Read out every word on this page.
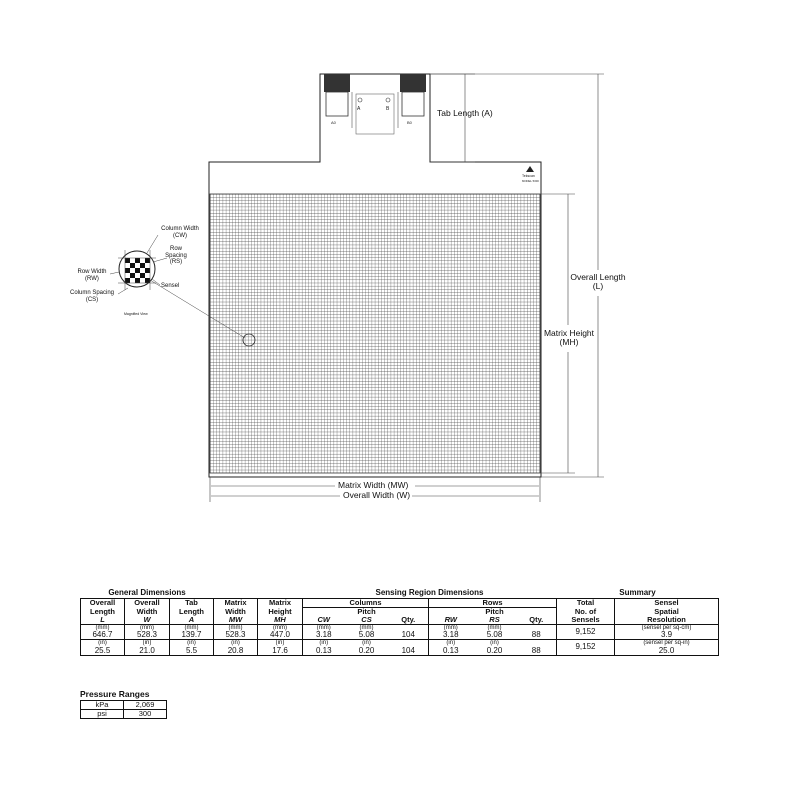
A	B
A0	B0
Tekscan
MODEL 5300
Tab Length (A)
Overall Length
(L)
Matrix Height
(MH)
Matrix Width (MW)
Overall Width (W)
Column Width
(CW)
Row
Spacing
(RS)
Row Width
(RW)
Column Spacing
(CS)
Sensel
Magnified View
General Dimensions					Sensing Region Dimensions						Summary	
Overall	Overall	Tab	Matrix	Matrix	Columns			Rows			Total	Sensel
Length	Width	Length	Width	Height		Pitch			Pitch		No. of	Spatial
L	W	A	MW	MH	CW	CS	Qty.	RW	RS	Qty.	Sensels	Resolution
(mm)	(mm)	(mm)	(mm)	(mm)	(mm)	(mm)		(mm)	(mm)		9,152	(sensel per sq-cm)
646.7	528.3	139.7	528.3	447.0	3.18	5.08	104	3.18	5.08	88		3.9
(in)	(in)	(in)	(in)	(in)	(in)	(in)		(in)	(in)		9,152	(sensel per sq-in)
25.5	21.0	5.5	20.8	17.6	0.13	0.20	104	0.13	0.20	88		25.0
Pressure Ranges
kPa	2,069
psi	300
